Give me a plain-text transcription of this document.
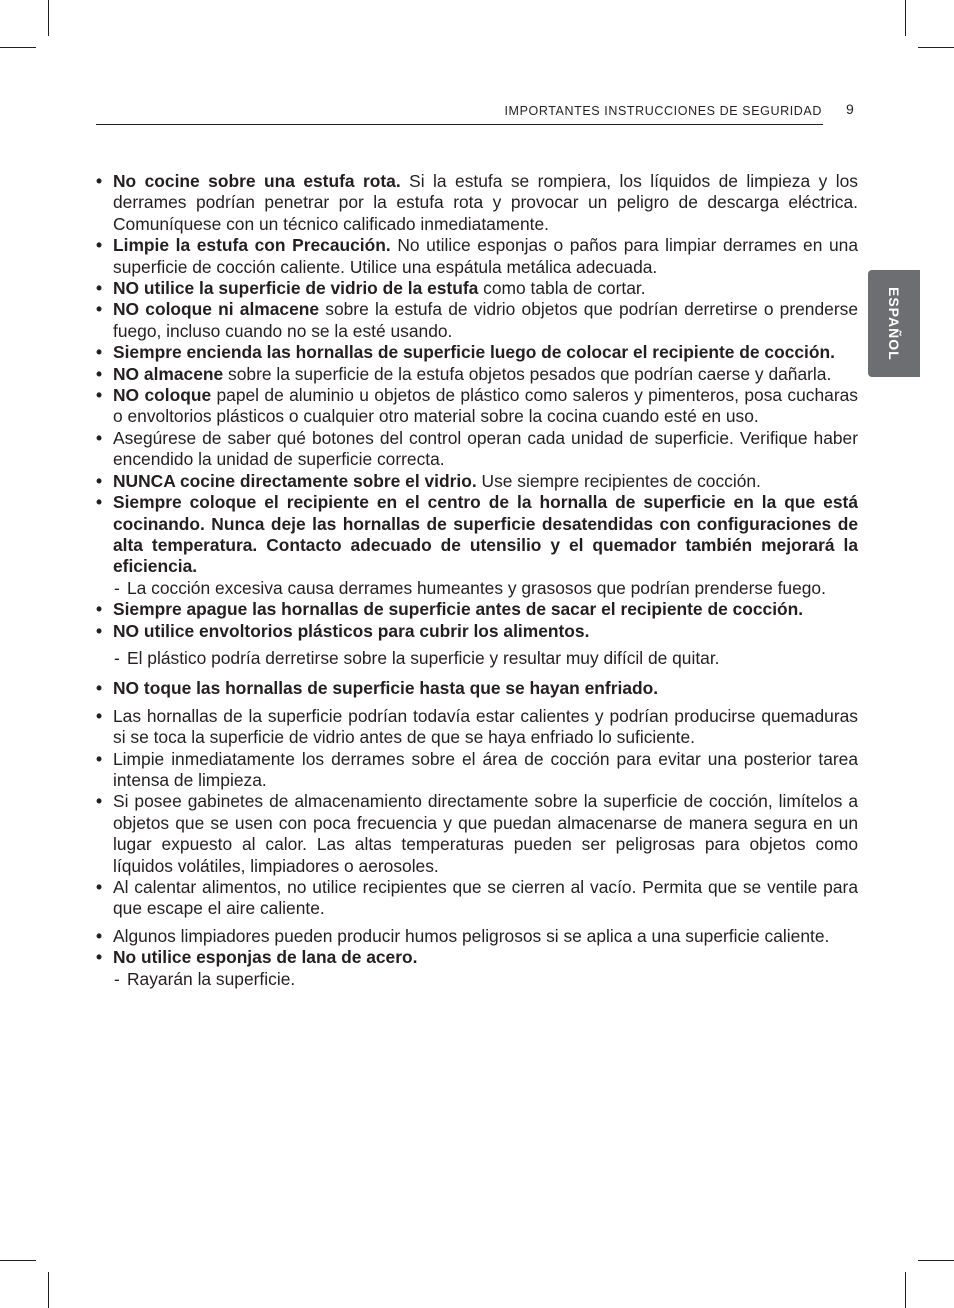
IMPORTANTES INSTRUCCIONES DE SEGURIDAD 9
ESPAÑOL
• No cocine sobre una estufa rota. Si la estufa se rompiera, los líquidos de limpieza y los derrames podrían penetrar por la estufa rota y provocar un peligro de descarga eléctrica. Comuníquese con un técnico calificado inmediatamente.
• Limpie la estufa con Precaución. No utilice esponjas o paños para limpiar derrames en una superficie de cocción caliente. Utilice una espátula metálica adecuada.
• NO utilice la superficie de vidrio de la estufa como tabla de cortar.
• NO coloque ni almacene sobre la estufa de vidrio objetos que podrían derretirse o prenderse fuego, incluso cuando no se la esté usando.
• Siempre encienda las hornallas de superficie luego de colocar el recipiente de cocción.
• NO almacene sobre la superficie de la estufa objetos pesados que podrían caerse y dañarla.
• NO coloque papel de aluminio u objetos de plástico como saleros y pimenteros, posa cucharas o envoltorios plásticos o cualquier otro material sobre la cocina cuando esté en uso.
• Asegúrese de saber qué botones del control operan cada unidad de superficie. Verifique haber encendido la unidad de superficie correcta.
• NUNCA cocine directamente sobre el vidrio. Use siempre recipientes de cocción.
• Siempre coloque el recipiente en el centro de la hornalla de superficie en la que está cocinando. Nunca deje las hornallas de superficie desatendidas con configuraciones de alta temperatura. Contacto adecuado de utensilio y el quemador también mejorará la eficiencia.
- La cocción excesiva causa derrames humeantes y grasosos que podrían prenderse fuego.
• Siempre apague las hornallas de superficie antes de sacar el recipiente de cocción.
• NO utilice envoltorios plásticos para cubrir los alimentos.
- El plástico podría derretirse sobre la superficie y resultar muy difícil de quitar.
• NO toque las hornallas de superficie hasta que se hayan enfriado.
• Las hornallas de la superficie podrían todavía estar calientes y podrían producirse quemaduras si se toca la superficie de vidrio antes de que se haya enfriado lo suficiente.
• Limpie inmediatamente los derrames sobre el área de cocción para evitar una posterior tarea intensa de limpieza.
• Si posee gabinetes de almacenamiento directamente sobre la superficie de cocción, limítelos a objetos que se usen con poca frecuencia y que puedan almacenarse de manera segura en un lugar expuesto al calor. Las altas temperaturas pueden ser peligrosas para objetos como líquidos volátiles, limpiadores o aerosoles.
• Al calentar alimentos, no utilice recipientes que se cierren al vacío. Permita que se ventile para que escape el aire caliente.
• Algunos limpiadores pueden producir humos peligrosos si se aplica a una superficie caliente.
• No utilice esponjas de lana de acero.
- Rayarán la superficie.
